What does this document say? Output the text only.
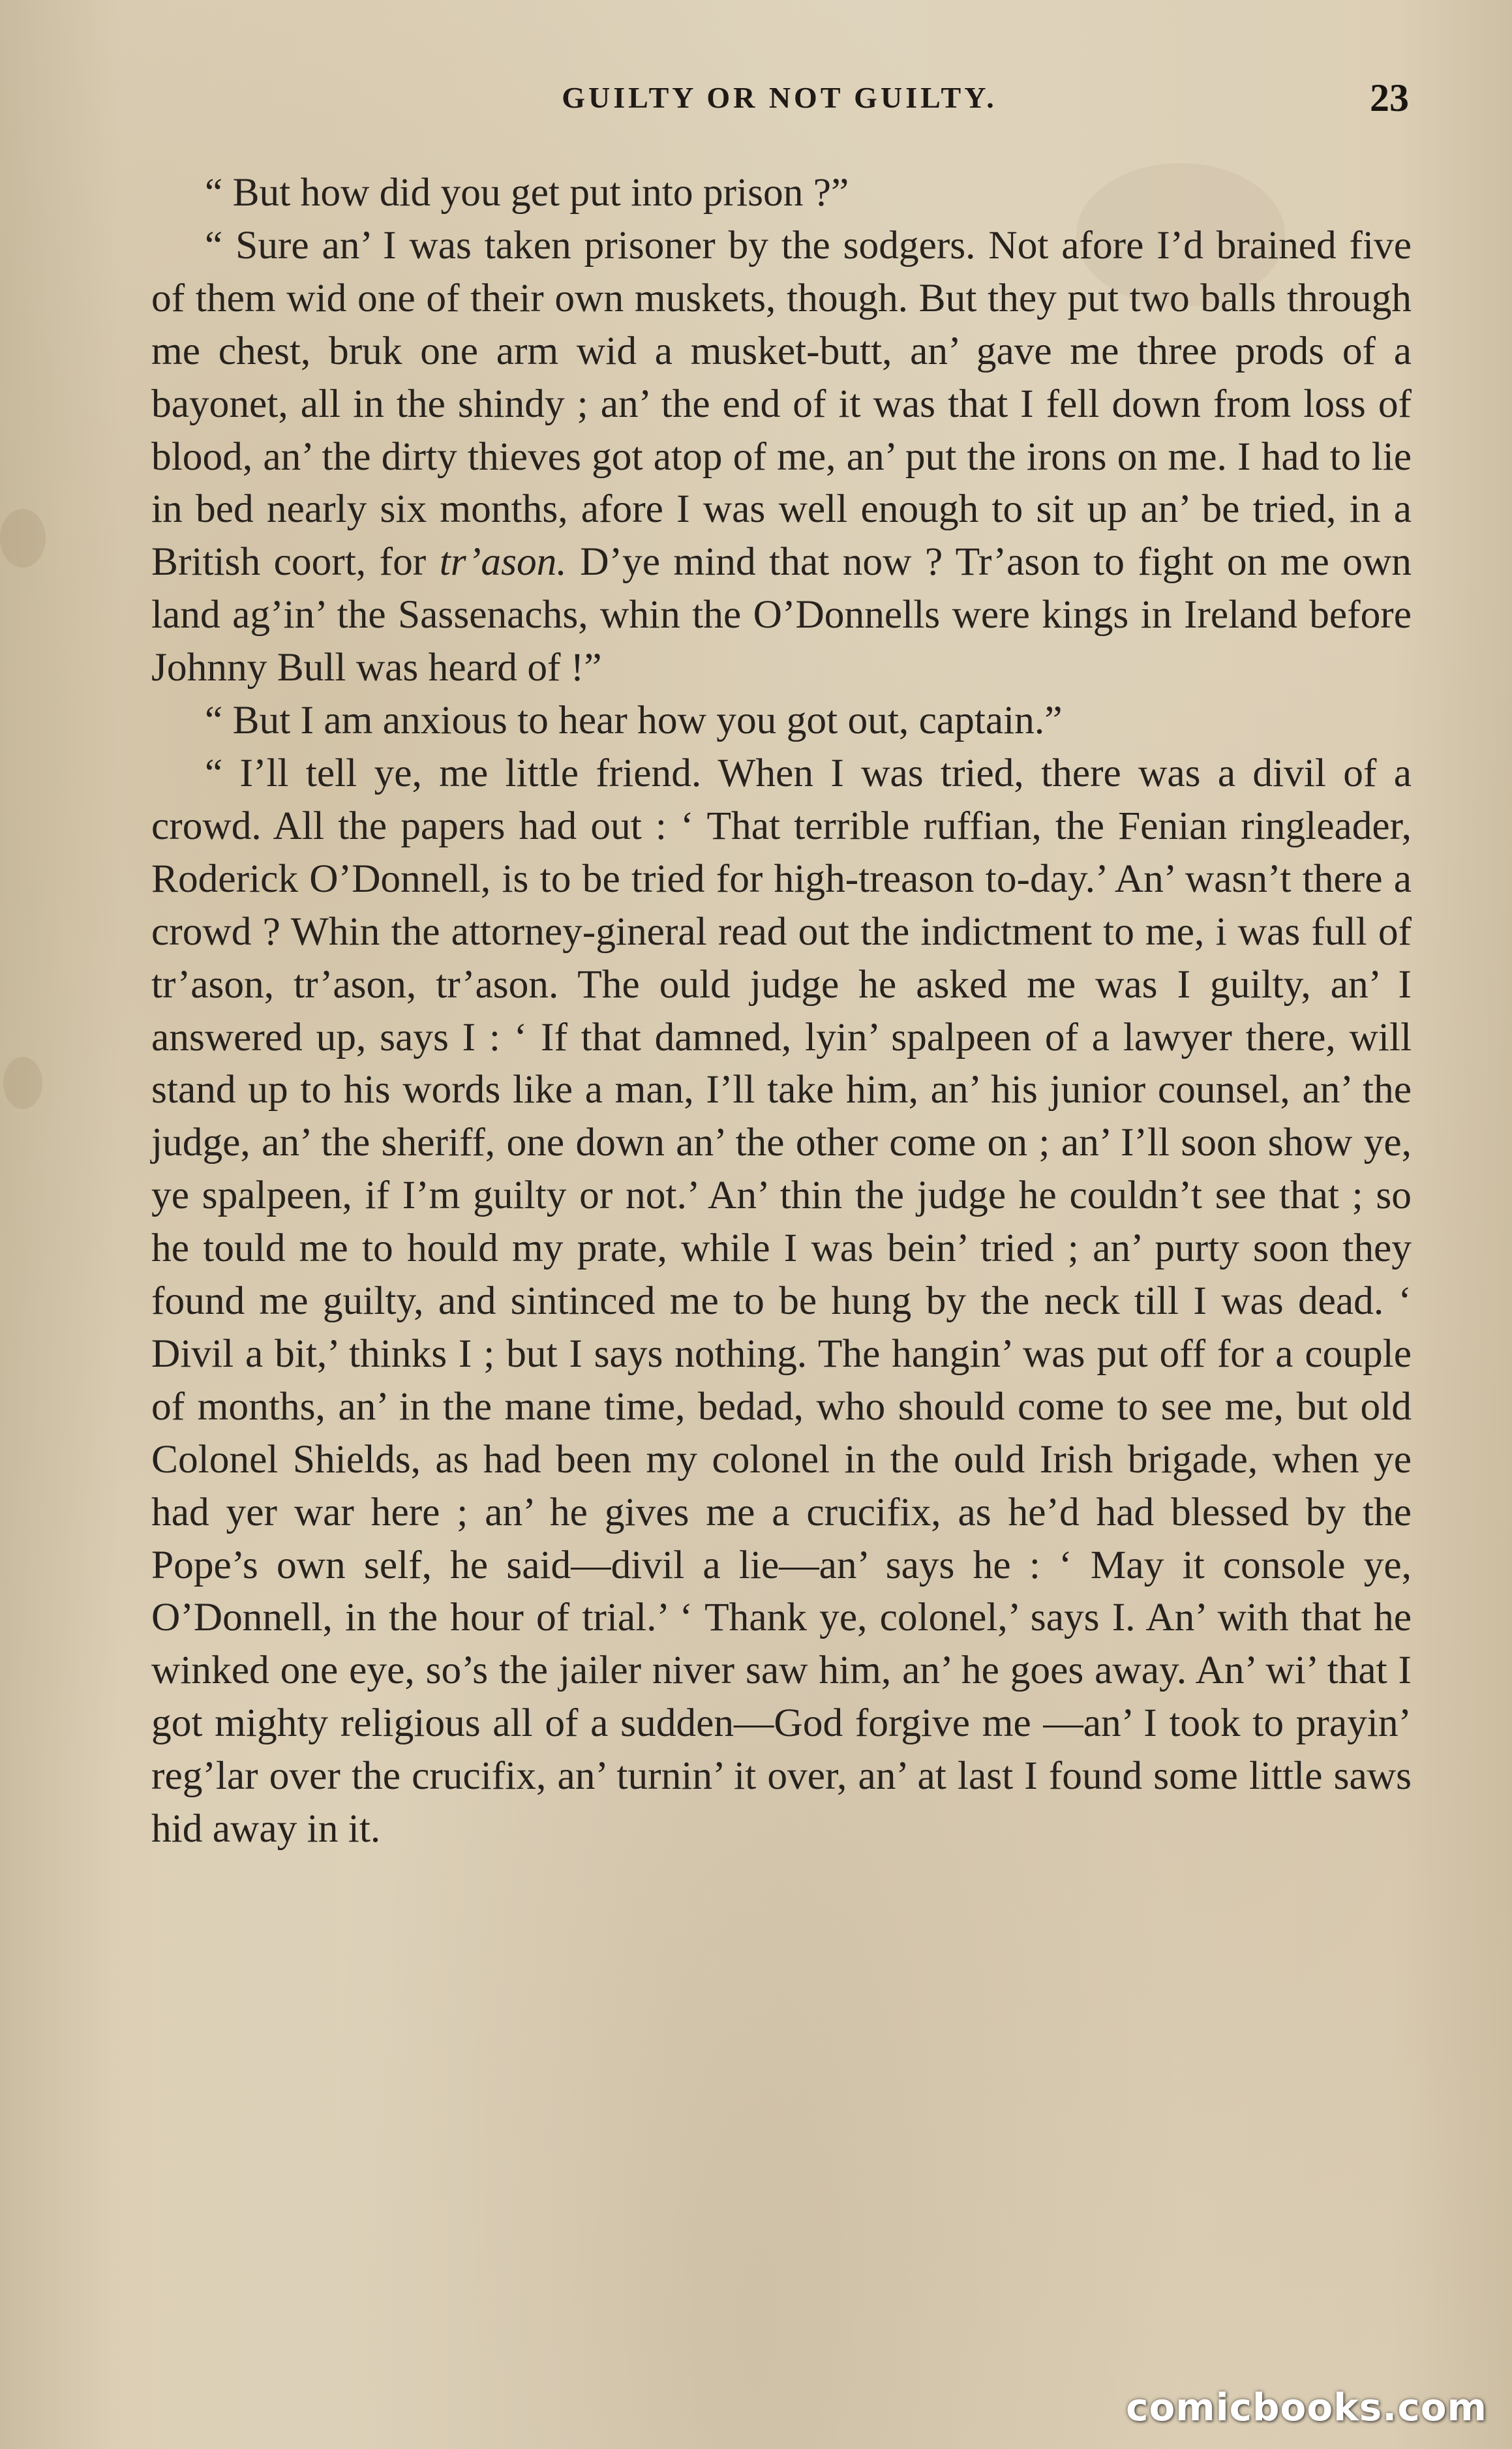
GUILTY OR NOT GUILTY.	23

“ But how did you get put into prison ?”

“ Sure an’ I was taken prisoner by the sodgers. Not afore I’d brained five of them wid one of their own muskets, though. But they put two balls through me chest, bruk one arm wid a musket-butt, an’ gave me three prods of a bayonet, all in the shindy ; an’ the end of it was that I fell down from loss of blood, an’ the dirty thieves got atop of me, an’ put the irons on me. I had to lie in bed nearly six months, afore I was well enough to sit up an’ be tried, in a British coort, for tr’ason. D’ye mind that now ? Tr’ason to fight on me own land ag’in’ the Sassenachs, whin the O’Donnells were kings in Ireland before Johnny Bull was heard of !”

“ But I am anxious to hear how you got out, captain.”

“ I’ll tell ye, me little friend. When I was tried, there was a divil of a crowd. All the papers had out : ‘ That terrible ruffian, the Fenian ringleader, Roderick O’Donnell, is to be tried for high-treason to-day.’ An’ wasn’t there a crowd ? Whin the attorney-gineral read out the indictment to me, i was full of tr’ason, tr’ason, tr’ason. The ould judge he asked me was I guilty, an’ I answered up, says I : ‘ If that damned, lyin’ spalpeen of a lawyer there, will stand up to his words like a man, I’ll take him, an’ his junior counsel, an’ the judge, an’ the sheriff, one down an’ the other come on ; an’ I’ll soon show ye, ye spalpeen, if I’m guilty or not.’ An’ thin the judge he couldn’t see that ; so he tould me to hould my prate, while I was bein’ tried ; an’ purty soon they found me guilty, and sintinced me to be hung by the neck till I was dead. ‘ Divil a bit,’ thinks I ; but I says nothing. The hangin’ was put off for a couple of months, an’ in the mane time, bedad, who should come to see me, but old Colonel Shields, as had been my colonel in the ould Irish brigade, when ye had yer war here ; an’ he gives me a crucifix, as he’d had blessed by the Pope’s own self, he said—divil a lie—an’ says he : ‘ May it console ye, O’Donnell, in the hour of trial.’ ‘ Thank ye, colonel,’ says I. An’ with that he winked one eye, so’s the jailer niver saw him, an’ he goes away. An’ wi’ that I got mighty religious all of a sudden—God forgive me —an’ I took to prayin’ reg’lar over the crucifix, an’ turnin’ it over, an’ at last I found some little saws hid away in it.

comicbooks.com
